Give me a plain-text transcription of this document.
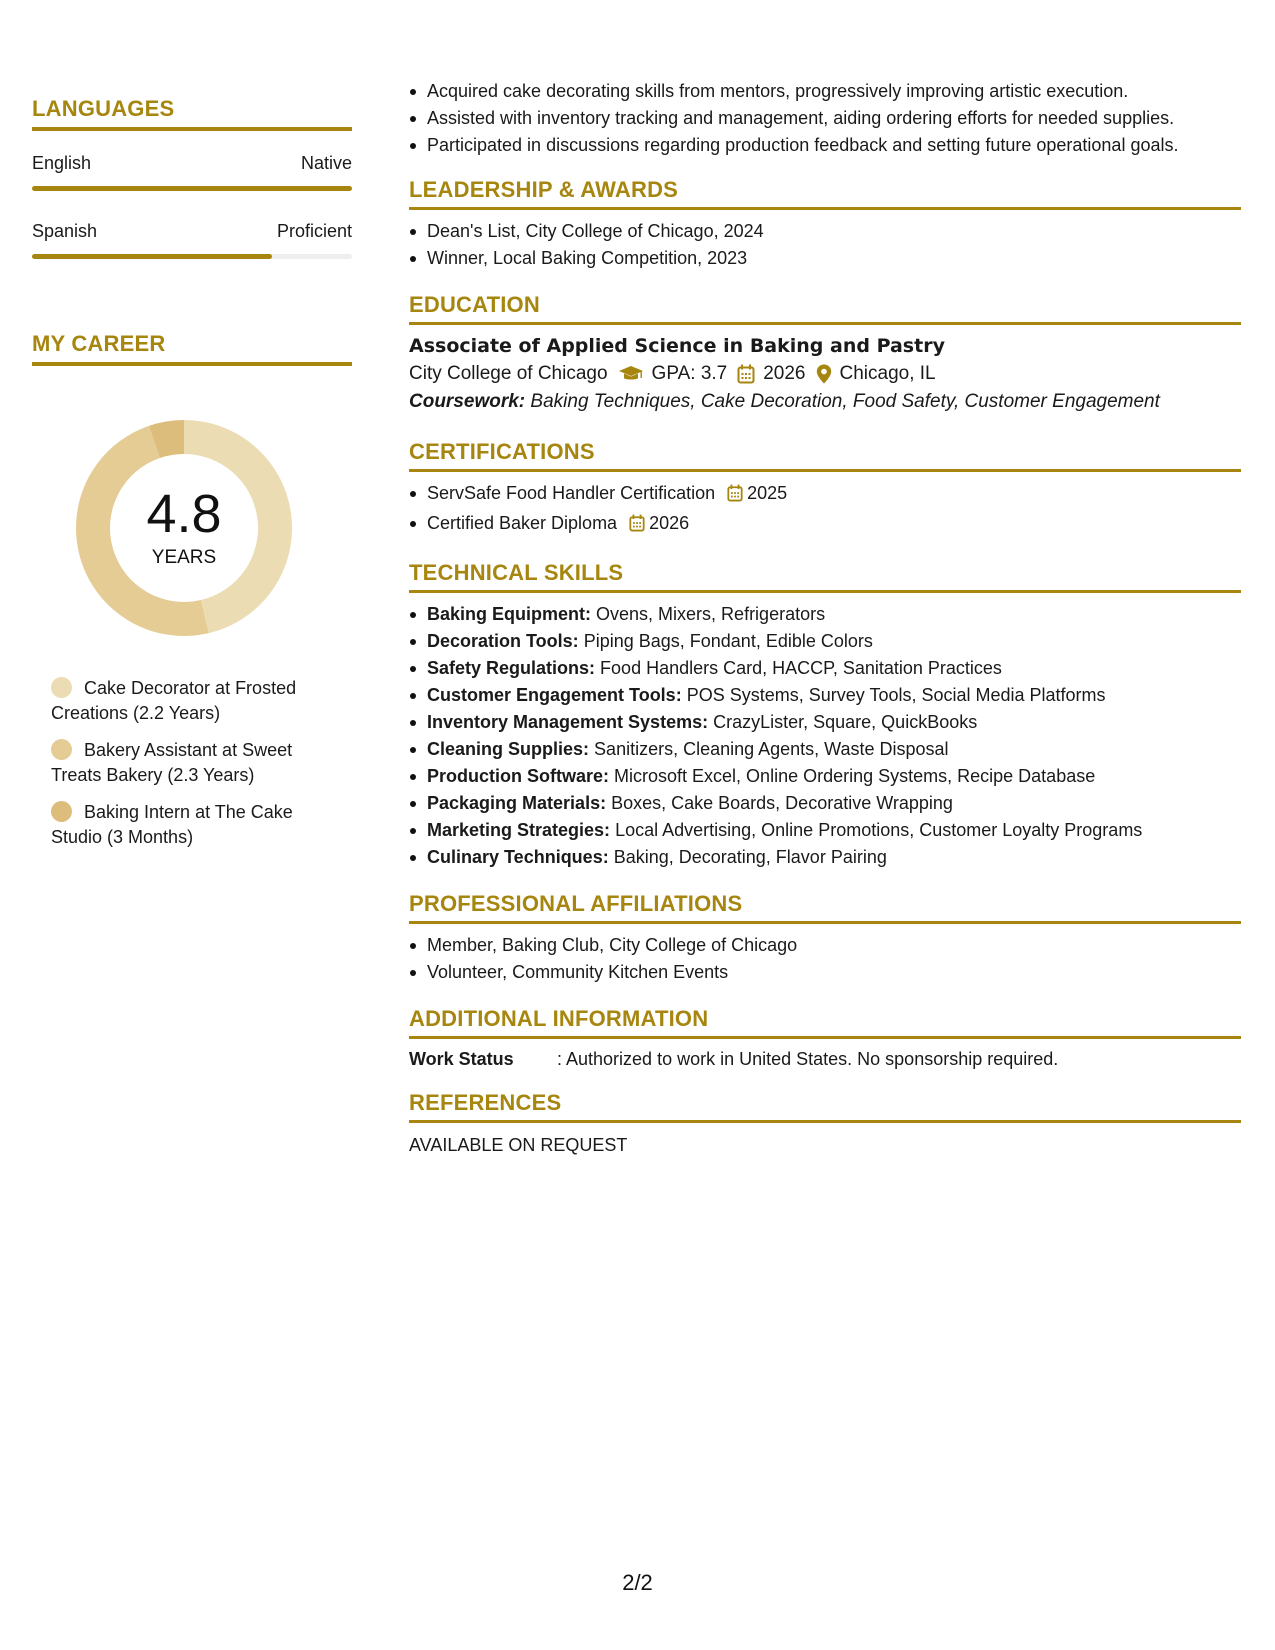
LANGUAGES
English	Native
Spanish	Proficient
MY CAREER
4.8
YEARS
Cake Decorator at Frosted Creations (2.2 Years)
Bakery Assistant at Sweet Treats Bakery (2.3 Years)
Baking Intern at The Cake Studio (3 Months)
Acquired cake decorating skills from mentors, progressively improving artistic execution.
Assisted with inventory tracking and management, aiding ordering efforts for needed supplies.
Participated in discussions regarding production feedback and setting future operational goals.
LEADERSHIP & AWARDS
Dean's List, City College of Chicago, 2024
Winner, Local Baking Competition, 2023
EDUCATION
Associate of Applied Science in Baking and Pastry
City College of Chicago GPA: 3.7 2026 Chicago, IL
Coursework: Baking Techniques, Cake Decoration, Food Safety, Customer Engagement
CERTIFICATIONS
ServSafe Food Handler Certification 2025
Certified Baker Diploma 2026
TECHNICAL SKILLS
Baking Equipment: Ovens, Mixers, Refrigerators
Decoration Tools: Piping Bags, Fondant, Edible Colors
Safety Regulations: Food Handlers Card, HACCP, Sanitation Practices
Customer Engagement Tools: POS Systems, Survey Tools, Social Media Platforms
Inventory Management Systems: CrazyLister, Square, QuickBooks
Cleaning Supplies: Sanitizers, Cleaning Agents, Waste Disposal
Production Software: Microsoft Excel, Online Ordering Systems, Recipe Database
Packaging Materials: Boxes, Cake Boards, Decorative Wrapping
Marketing Strategies: Local Advertising, Online Promotions, Customer Loyalty Programs
Culinary Techniques: Baking, Decorating, Flavor Pairing
PROFESSIONAL AFFILIATIONS
Member, Baking Club, City College of Chicago
Volunteer, Community Kitchen Events
ADDITIONAL INFORMATION
Work Status	: Authorized to work in United States. No sponsorship required.
REFERENCES
AVAILABLE ON REQUEST
2/2
